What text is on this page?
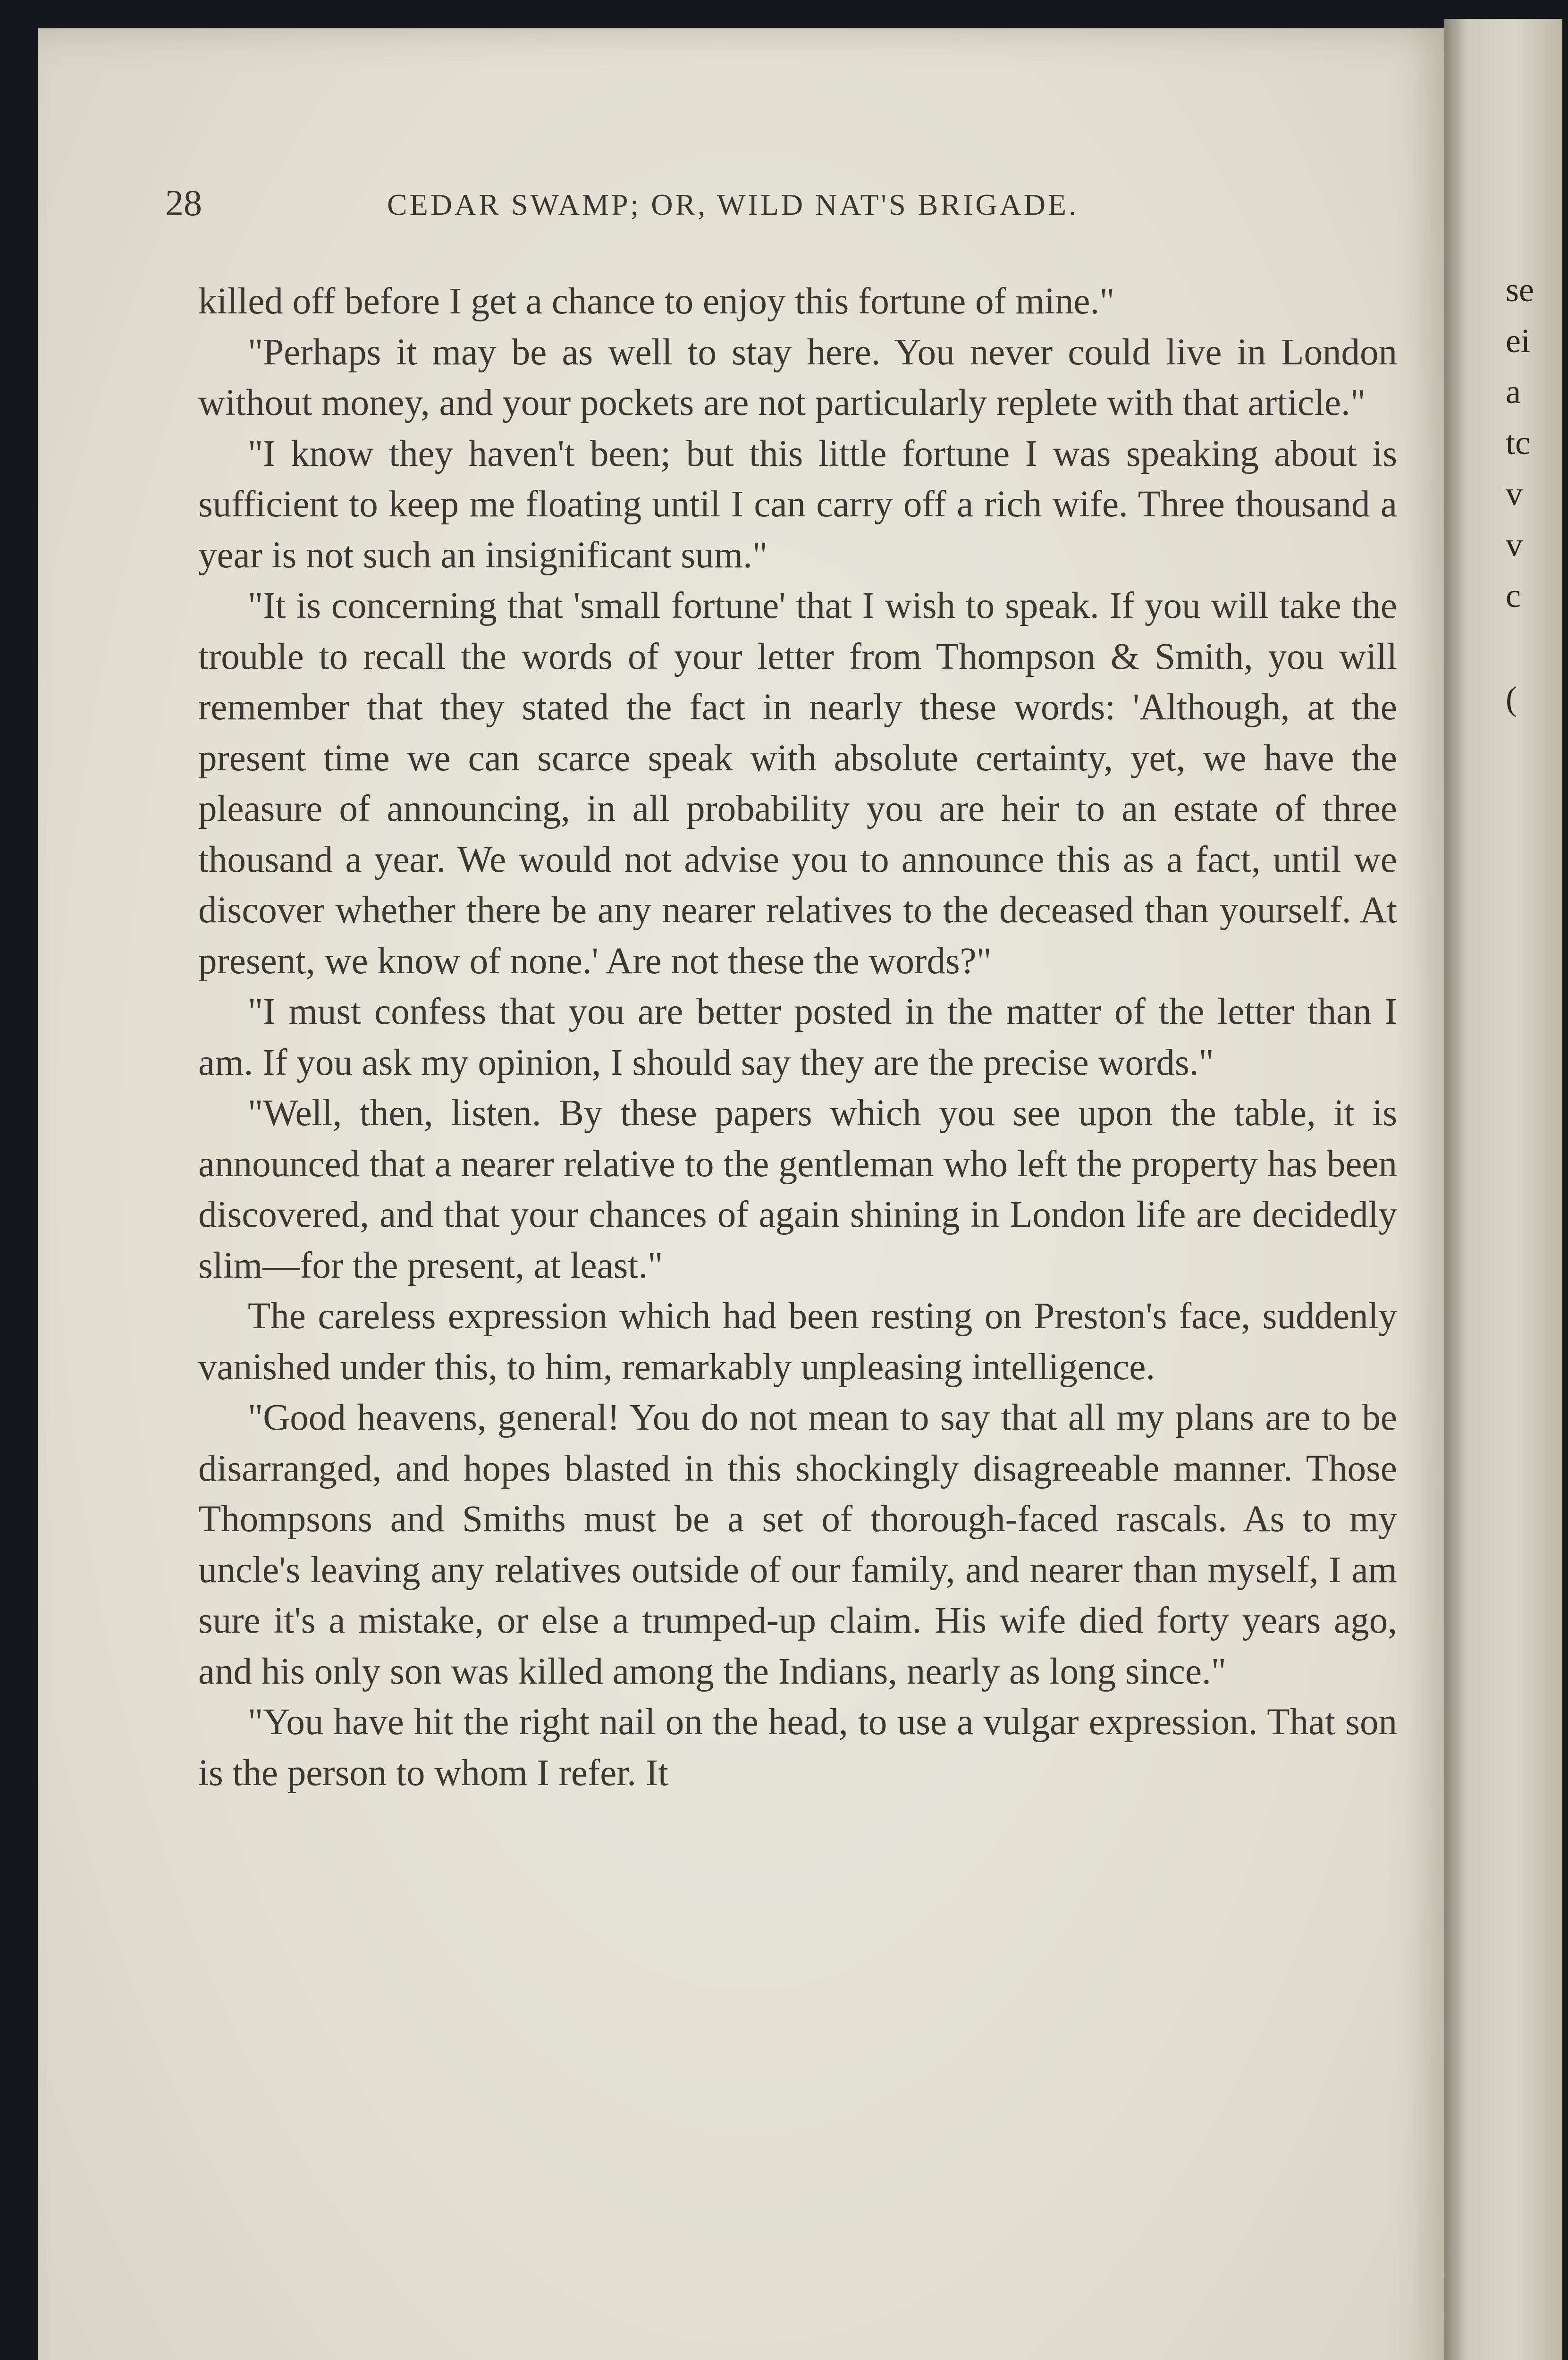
se
ei
a
tc
v
v
c
(
28	CEDAR SWAMP; OR, WILD NAT'S BRIGADE.

killed off before I get a chance to enjoy this fortune of mine."

"Perhaps it may be as well to stay here. You never could live in London without money, and your pockets are not particularly replete with that article."

"I know they haven't been; but this little fortune I was speaking about is sufficient to keep me floating until I can carry off a rich wife. Three thousand a year is not such an insignificant sum."

"It is concerning that 'small fortune' that I wish to speak. If you will take the trouble to recall the words of your letter from Thompson & Smith, you will remember that they stated the fact in nearly these words: 'Although, at the present time we can scarce speak with absolute certainty, yet, we have the pleasure of announcing, in all probability you are heir to an estate of three thousand a year. We would not advise you to announce this as a fact, until we discover whether there be any nearer relatives to the deceased than yourself. At present, we know of none.' Are not these the words?"

"I must confess that you are better posted in the matter of the letter than I am. If you ask my opinion, I should say they are the precise words."

"Well, then, listen. By these papers which you see upon the table, it is announced that a nearer relative to the gentleman who left the property has been discovered, and that your chances of again shining in London life are decidedly slim—for the present, at least."

The careless expression which had been resting on Preston's face, suddenly vanished under this, to him, remarkably unpleasing intelligence.

"Good heavens, general! You do not mean to say that all my plans are to be disarranged, and hopes blasted in this shockingly disagreeable manner. Those Thompsons and Smiths must be a set of thorough-faced rascals. As to my uncle's leaving any relatives outside of our family, and nearer than myself, I am sure it's a mistake, or else a trumped-up claim. His wife died forty years ago, and his only son was killed among the Indians, nearly as long since."

"You have hit the right nail on the head, to use a vulgar expression. That son is the person to whom I refer. It
